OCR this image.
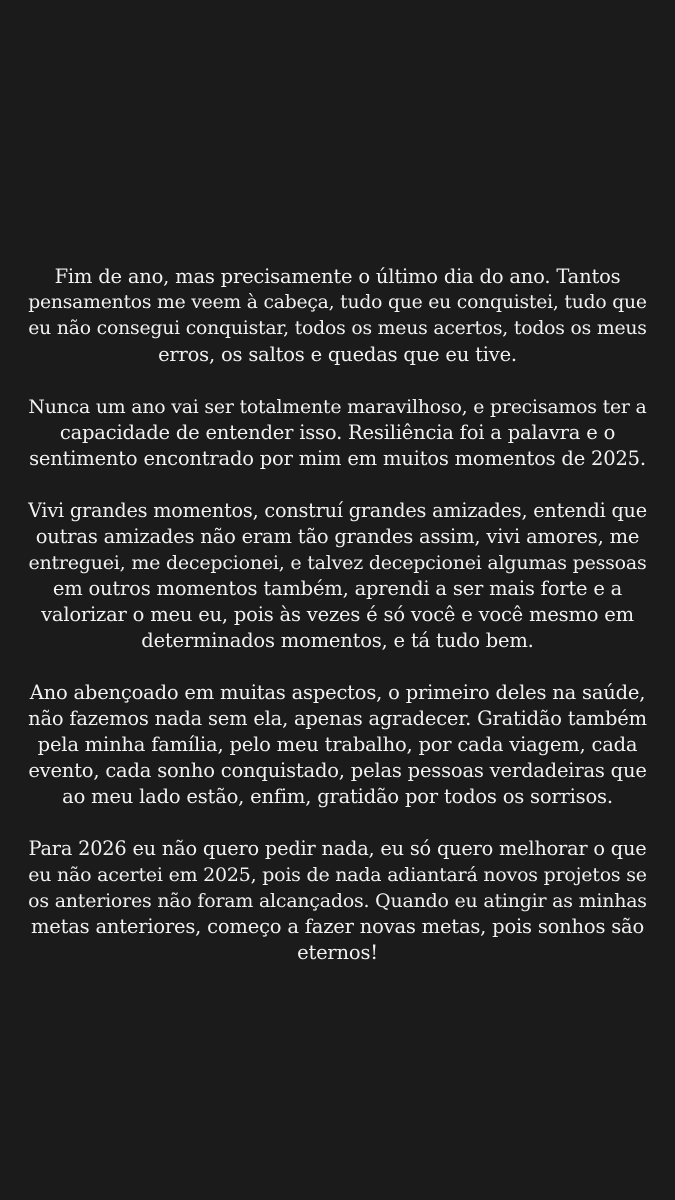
Fim de ano, mas precisamente o último dia do ano. Tantos
pensamentos me veem à cabeça, tudo que eu conquistei, tudo que
eu não consegui conquistar, todos os meus acertos, todos os meus
erros, os saltos e quedas que eu tive.

Nunca um ano vai ser totalmente maravilhoso, e precisamos ter a
capacidade de entender isso. Resiliência foi a palavra e o
sentimento encontrado por mim em muitos momentos de 2025.

Vivi grandes momentos, construí grandes amizades, entendi que
outras amizades não eram tão grandes assim, vivi amores, me
entreguei, me decepcionei, e talvez decepcionei algumas pessoas
em outros momentos também, aprendi a ser mais forte e a
valorizar o meu eu, pois às vezes é só você e você mesmo em
determinados momentos, e tá tudo bem.

Ano abençoado em muitas aspectos, o primeiro deles na saúde,
não fazemos nada sem ela, apenas agradecer. Gratidão também
pela minha família, pelo meu trabalho, por cada viagem, cada
evento, cada sonho conquistado, pelas pessoas verdadeiras que
ao meu lado estão, enfim, gratidão por todos os sorrisos.

Para 2026 eu não quero pedir nada, eu só quero melhorar o que
eu não acertei em 2025, pois de nada adiantará novos projetos se
os anteriores não foram alcançados. Quando eu atingir as minhas
metas anteriores, começo a fazer novas metas, pois sonhos são
eternos!
